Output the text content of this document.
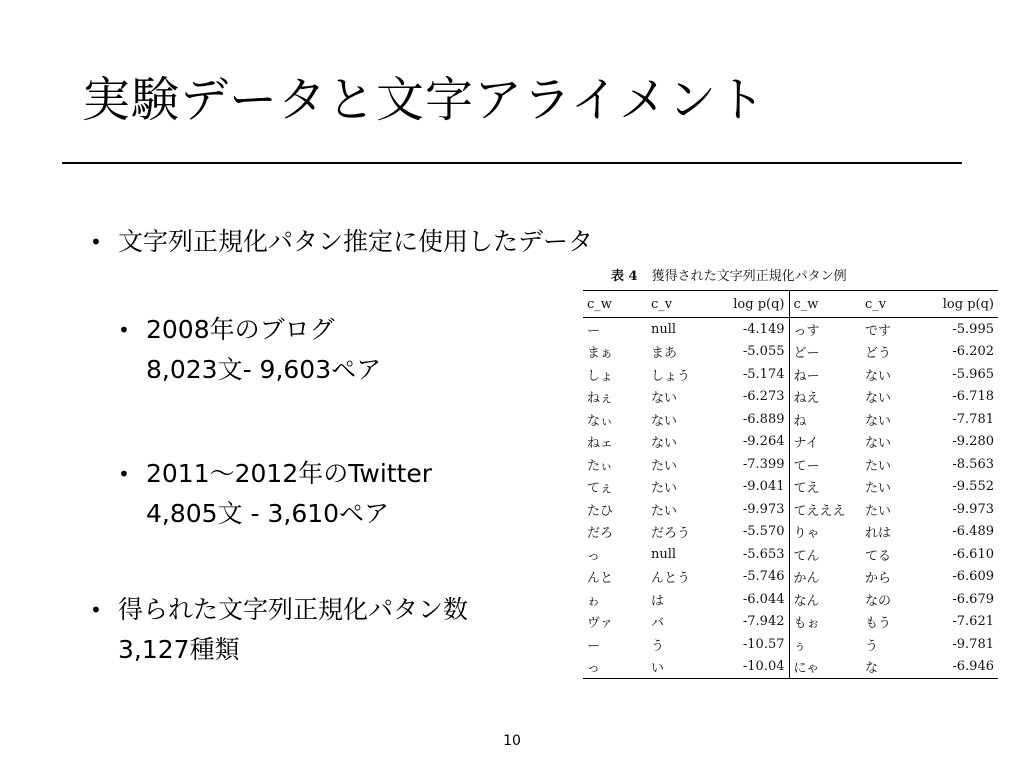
実験データと文字アライメント
• 文字列正規化パタン推定に使用したデータ
• 2008年のブログ
8,023文- 9,603ペア
• 2011〜2012年のTwitter
4,805文 - 3,610ペア
• 得られた文字列正規化パタン数
3,127種類
表 4 獲得された文字列正規化パタン例
c_w	c_v	log p(q)	c_w	c_v	log p(q)
ー	null	-4.149	っす	です	-5.995
まぁ	まあ	-5.055	どー	どう	-6.202
しょ	しょう	-5.174	ねー	ない	-5.965
ねぇ	ない	-6.273	ねえ	ない	-6.718
なぃ	ない	-6.889	ね	ない	-7.781
ねェ	ない	-9.264	ナイ	ない	-9.280
たぃ	たい	-7.399	てー	たい	-8.563
てぇ	たい	-9.041	てえ	たい	-9.552
たひ	たい	-9.973	てえええ	たい	-9.973
だろ	だろう	-5.570	りゃ	れは	-6.489
っ	null	-5.653	てん	てる	-6.610
んと	んとう	-5.746	かん	から	-6.609
ゎ	は	-6.044	なん	なの	-6.679
ヴァ	バ	-7.942	もぉ	もう	-7.621
ー	う	-10.57	ぅ	う	-9.781
っ	い	-10.04	にゃ	な	-6.946
10
